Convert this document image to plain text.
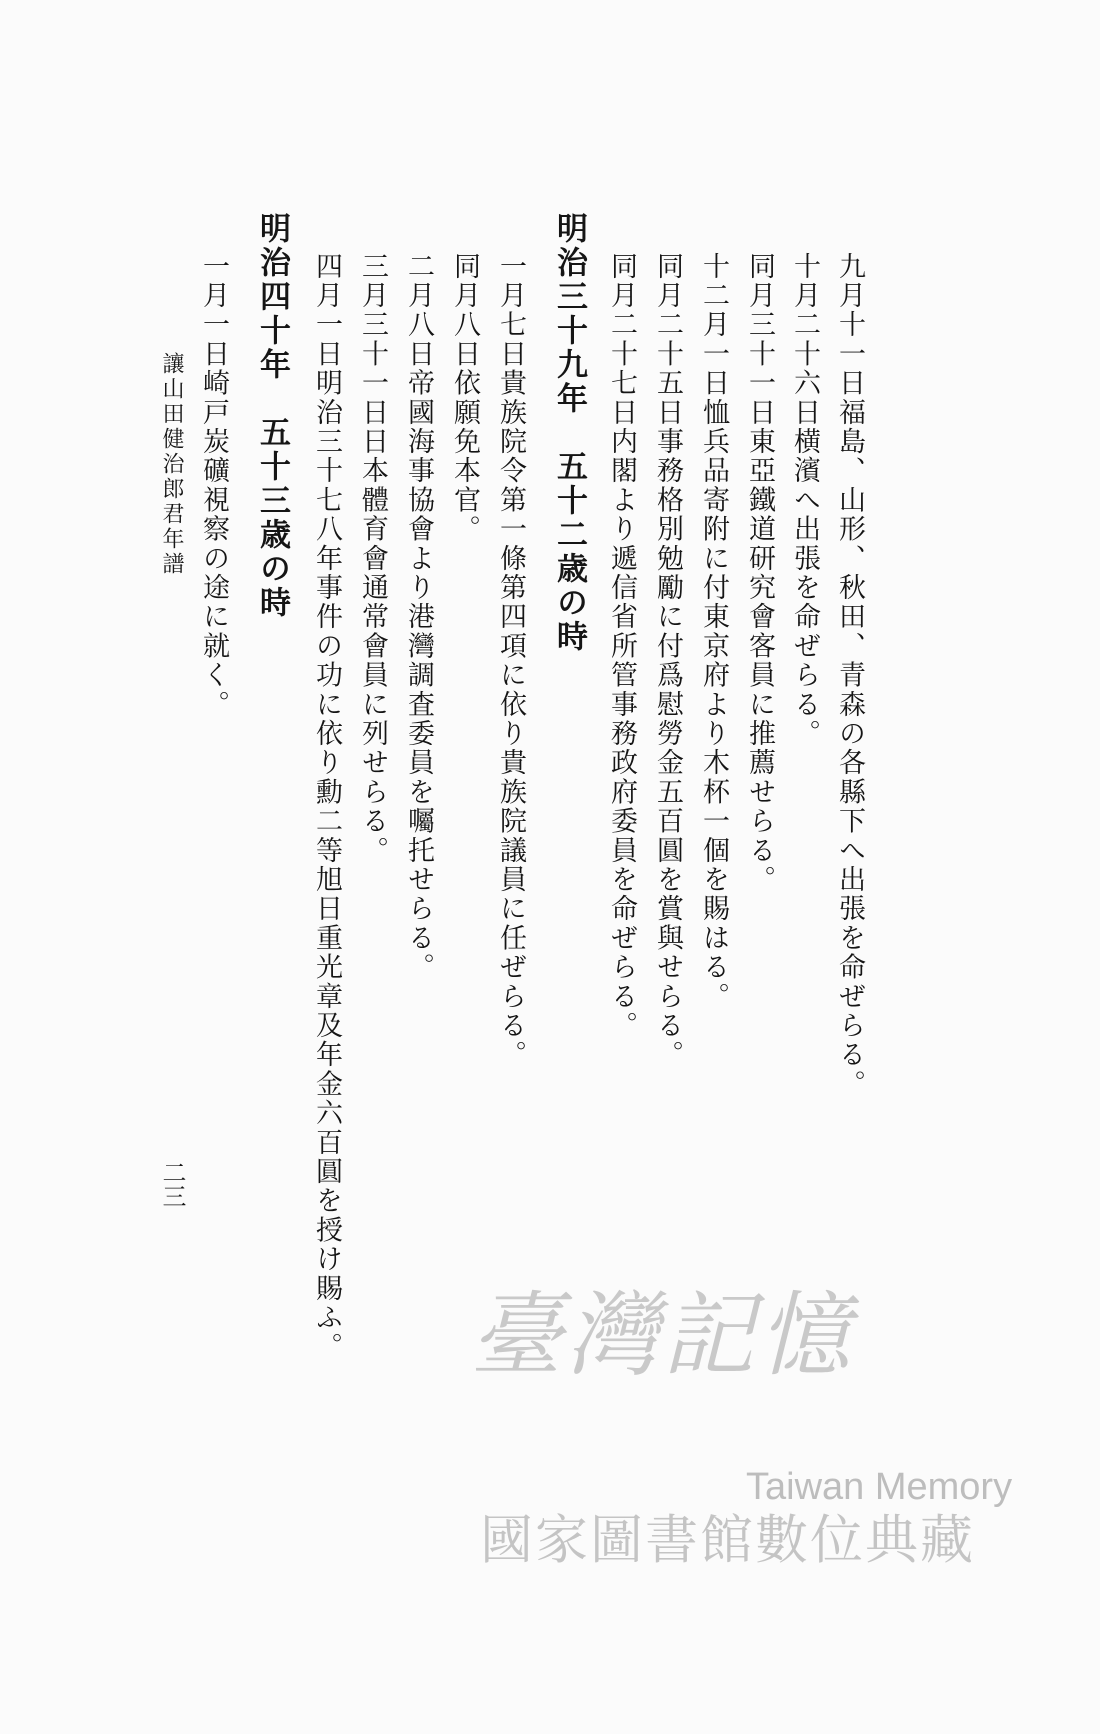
九月十一日福島、山形、秋田、青森の各縣下へ出張を命ぜらる。
十月二十六日横濱へ出張を命ぜらる。
同月三十一日東亞鐵道研究會客員に推薦せらる。
十二月一日恤兵品寄附に付東京府より木杯一個を賜はる。
同月二十五日事務格別勉勵に付爲慰勞金五百圓を賞與せらる。
同月二十七日内閣より遞信省所管事務政府委員を命ぜらる。
明治三十九年　五十二歳の時
一月七日貴族院令第一條第四項に依り貴族院議員に任ぜらる。
同月八日依願免本官。
二月八日帝國海事協會より港灣調査委員を囑托せらる。
三月三十一日日本體育會通常會員に列せらる。
四月一日明治三十七八年事件の功に依り勳二等旭日重光章及年金六百圓を授け賜ふ。
明治四十年　五十三歳の時
一月一日崎戸炭礦視察の途に就く。
讓山田健治郎君年譜
二三
臺灣記憶
Taiwan Memory
國家圖書館數位典藏
